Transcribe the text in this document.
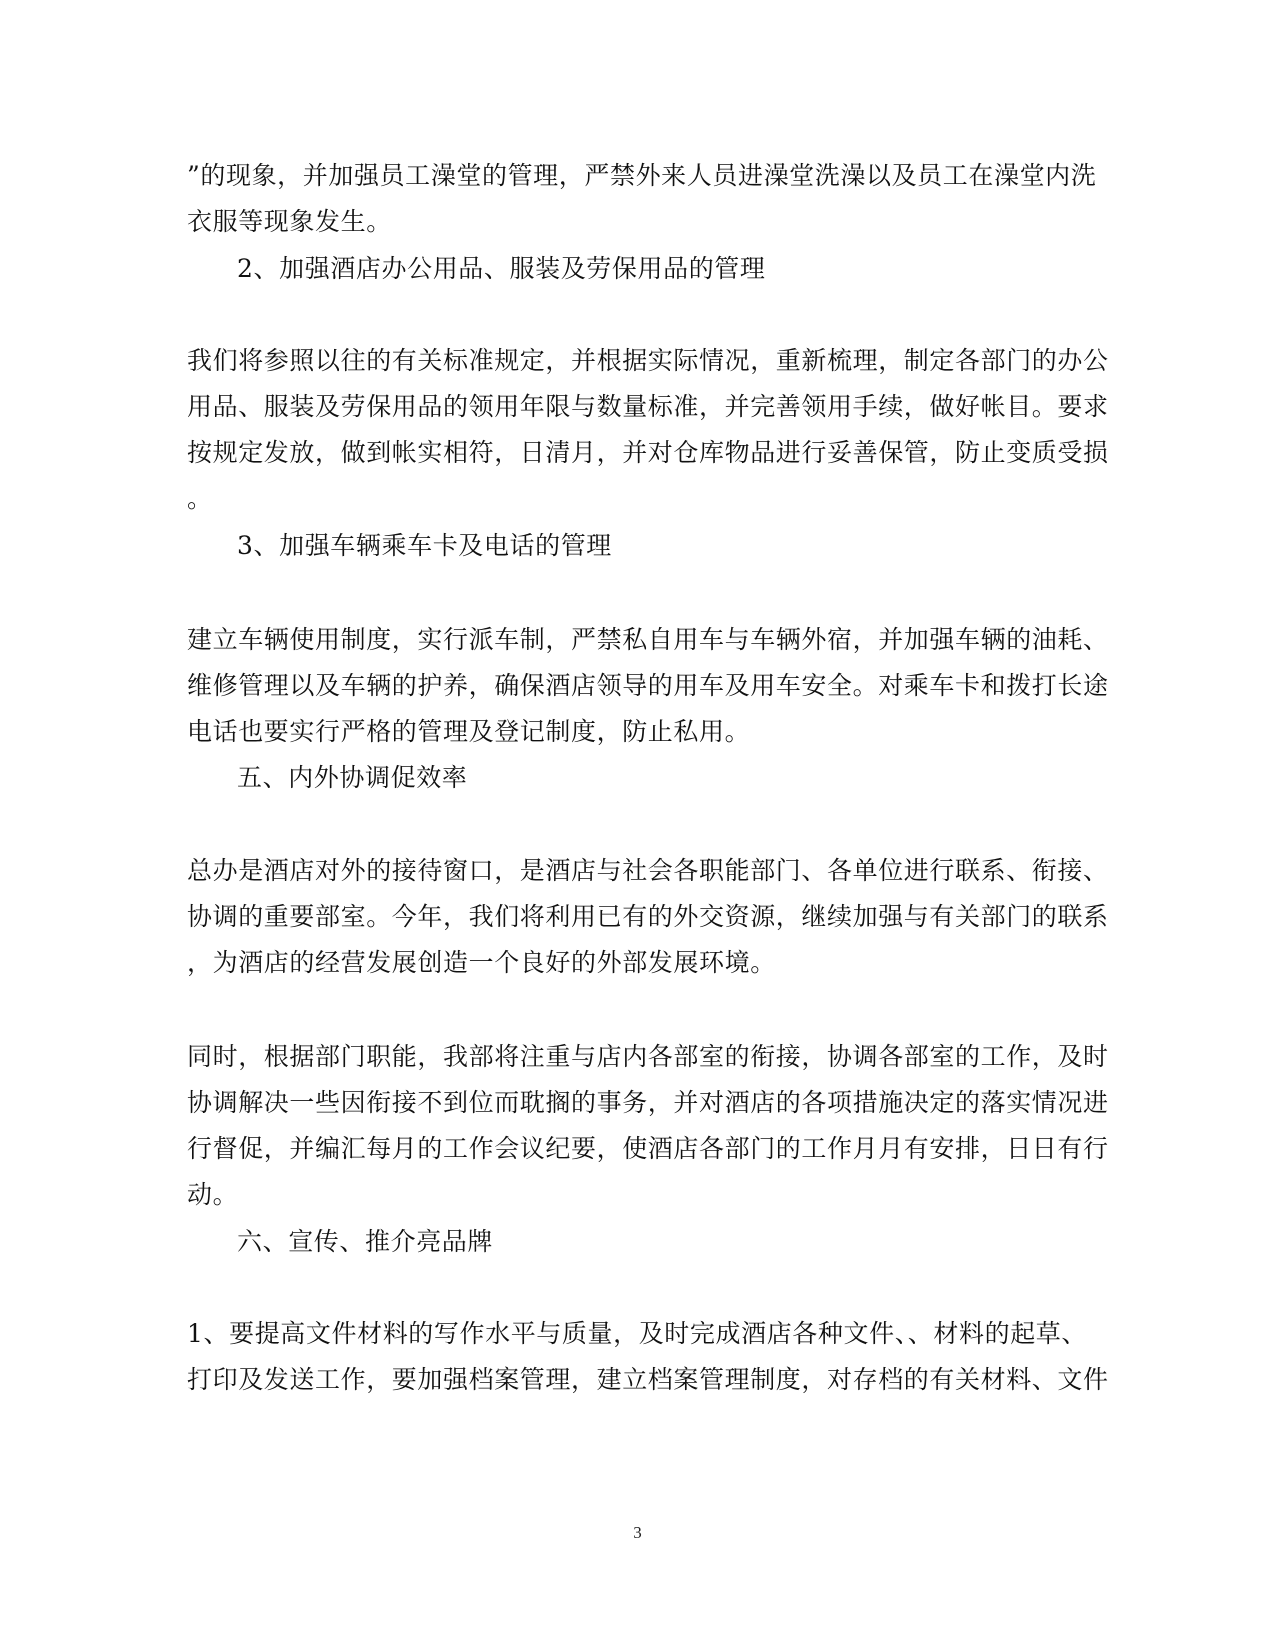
”的现象，并加强员工澡堂的管理，严禁外来人员进澡堂洗澡以及员工在澡堂内洗
衣服等现象发生。
2、加强酒店办公用品、服装及劳保用品的管理
我们将参照以往的有关标准规定，并根据实际情况，重新梳理，制定各部门的办公
用品、服装及劳保用品的领用年限与数量标准，并完善领用手续，做好帐目。要求
按规定发放，做到帐实相符，日清月，并对仓库物品进行妥善保管，防止变质受损
。
3、加强车辆乘车卡及电话的管理
建立车辆使用制度，实行派车制，严禁私自用车与车辆外宿，并加强车辆的油耗、
维修管理以及车辆的护养，确保酒店领导的用车及用车安全。对乘车卡和拨打长途
电话也要实行严格的管理及登记制度，防止私用。
五、内外协调促效率
总办是酒店对外的接待窗口，是酒店与社会各职能部门、各单位进行联系、衔接、
协调的重要部室。今年，我们将利用已有的外交资源，继续加强与有关部门的联系
，为酒店的经营发展创造一个良好的外部发展环境。
同时，根据部门职能，我部将注重与店内各部室的衔接，协调各部室的工作，及时
协调解决一些因衔接不到位而耽搁的事务，并对酒店的各项措施决定的落实情况进
行督促，并编汇每月的工作会议纪要，使酒店各部门的工作月月有安排，日日有行
动。
六、宣传、推介亮品牌
1、要提高文件材料的写作水平与质量，及时完成酒店各种文件、、材料的起草、
打印及发送工作，要加强档案管理，建立档案管理制度，对存档的有关材料、文件
3
